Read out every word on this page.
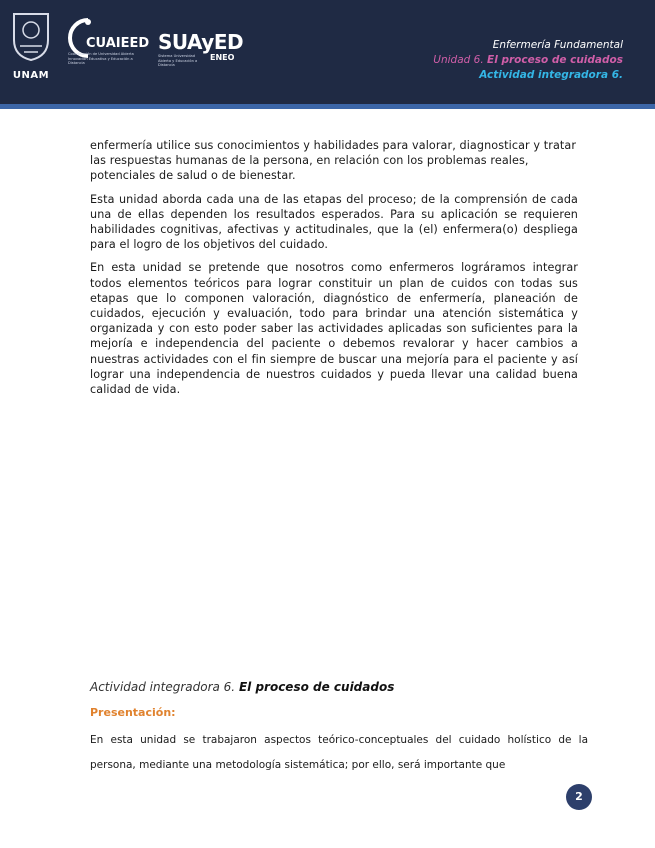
UNAM
CUAIEED
Coordinación de Universidad Abierta Innovación Educativa y Educación a Distancia
SUAyED
Sistema Universidad Abierta y Educación a Distancia
ENEO
Enfermería Fundamental
Unidad 6. El proceso de cuidados
Actividad integradora 6.

enfermería utilice sus conocimientos y habilidades para valorar, diagnosticar y tratar las respuestas humanas de la persona, en relación con los problemas reales, potenciales de salud o de bienestar.

Esta unidad aborda cada una de las etapas del proceso; de la comprensión de cada una de ellas dependen los resultados esperados. Para su aplicación se requieren habilidades cognitivas, afectivas y actitudinales, que la (el) enfermera(o) despliega para el logro de los objetivos del cuidado.

En esta unidad se pretende que nosotros como enfermeros lográramos integrar todos elementos teóricos para lograr constituir un plan de cuidos con todas sus etapas que lo componen valoración, diagnóstico de enfermería, planeación de cuidados, ejecución y evaluación, todo para brindar una atención sistemática y organizada y con esto poder saber las actividades aplicadas son suficientes para la mejoría e independencia del paciente o debemos revalorar y hacer cambios a nuestras actividades con el fin siempre de buscar una mejoría para el paciente y así lograr una independencia de nuestros cuidados y pueda llevar una calidad buena calidad de vida.

Actividad integradora 6. El proceso de cuidados
Presentación:
En esta unidad se trabajaron aspectos teórico-conceptuales del cuidado holístico de la persona, mediante una metodología sistemática; por ello, será importante que
2
